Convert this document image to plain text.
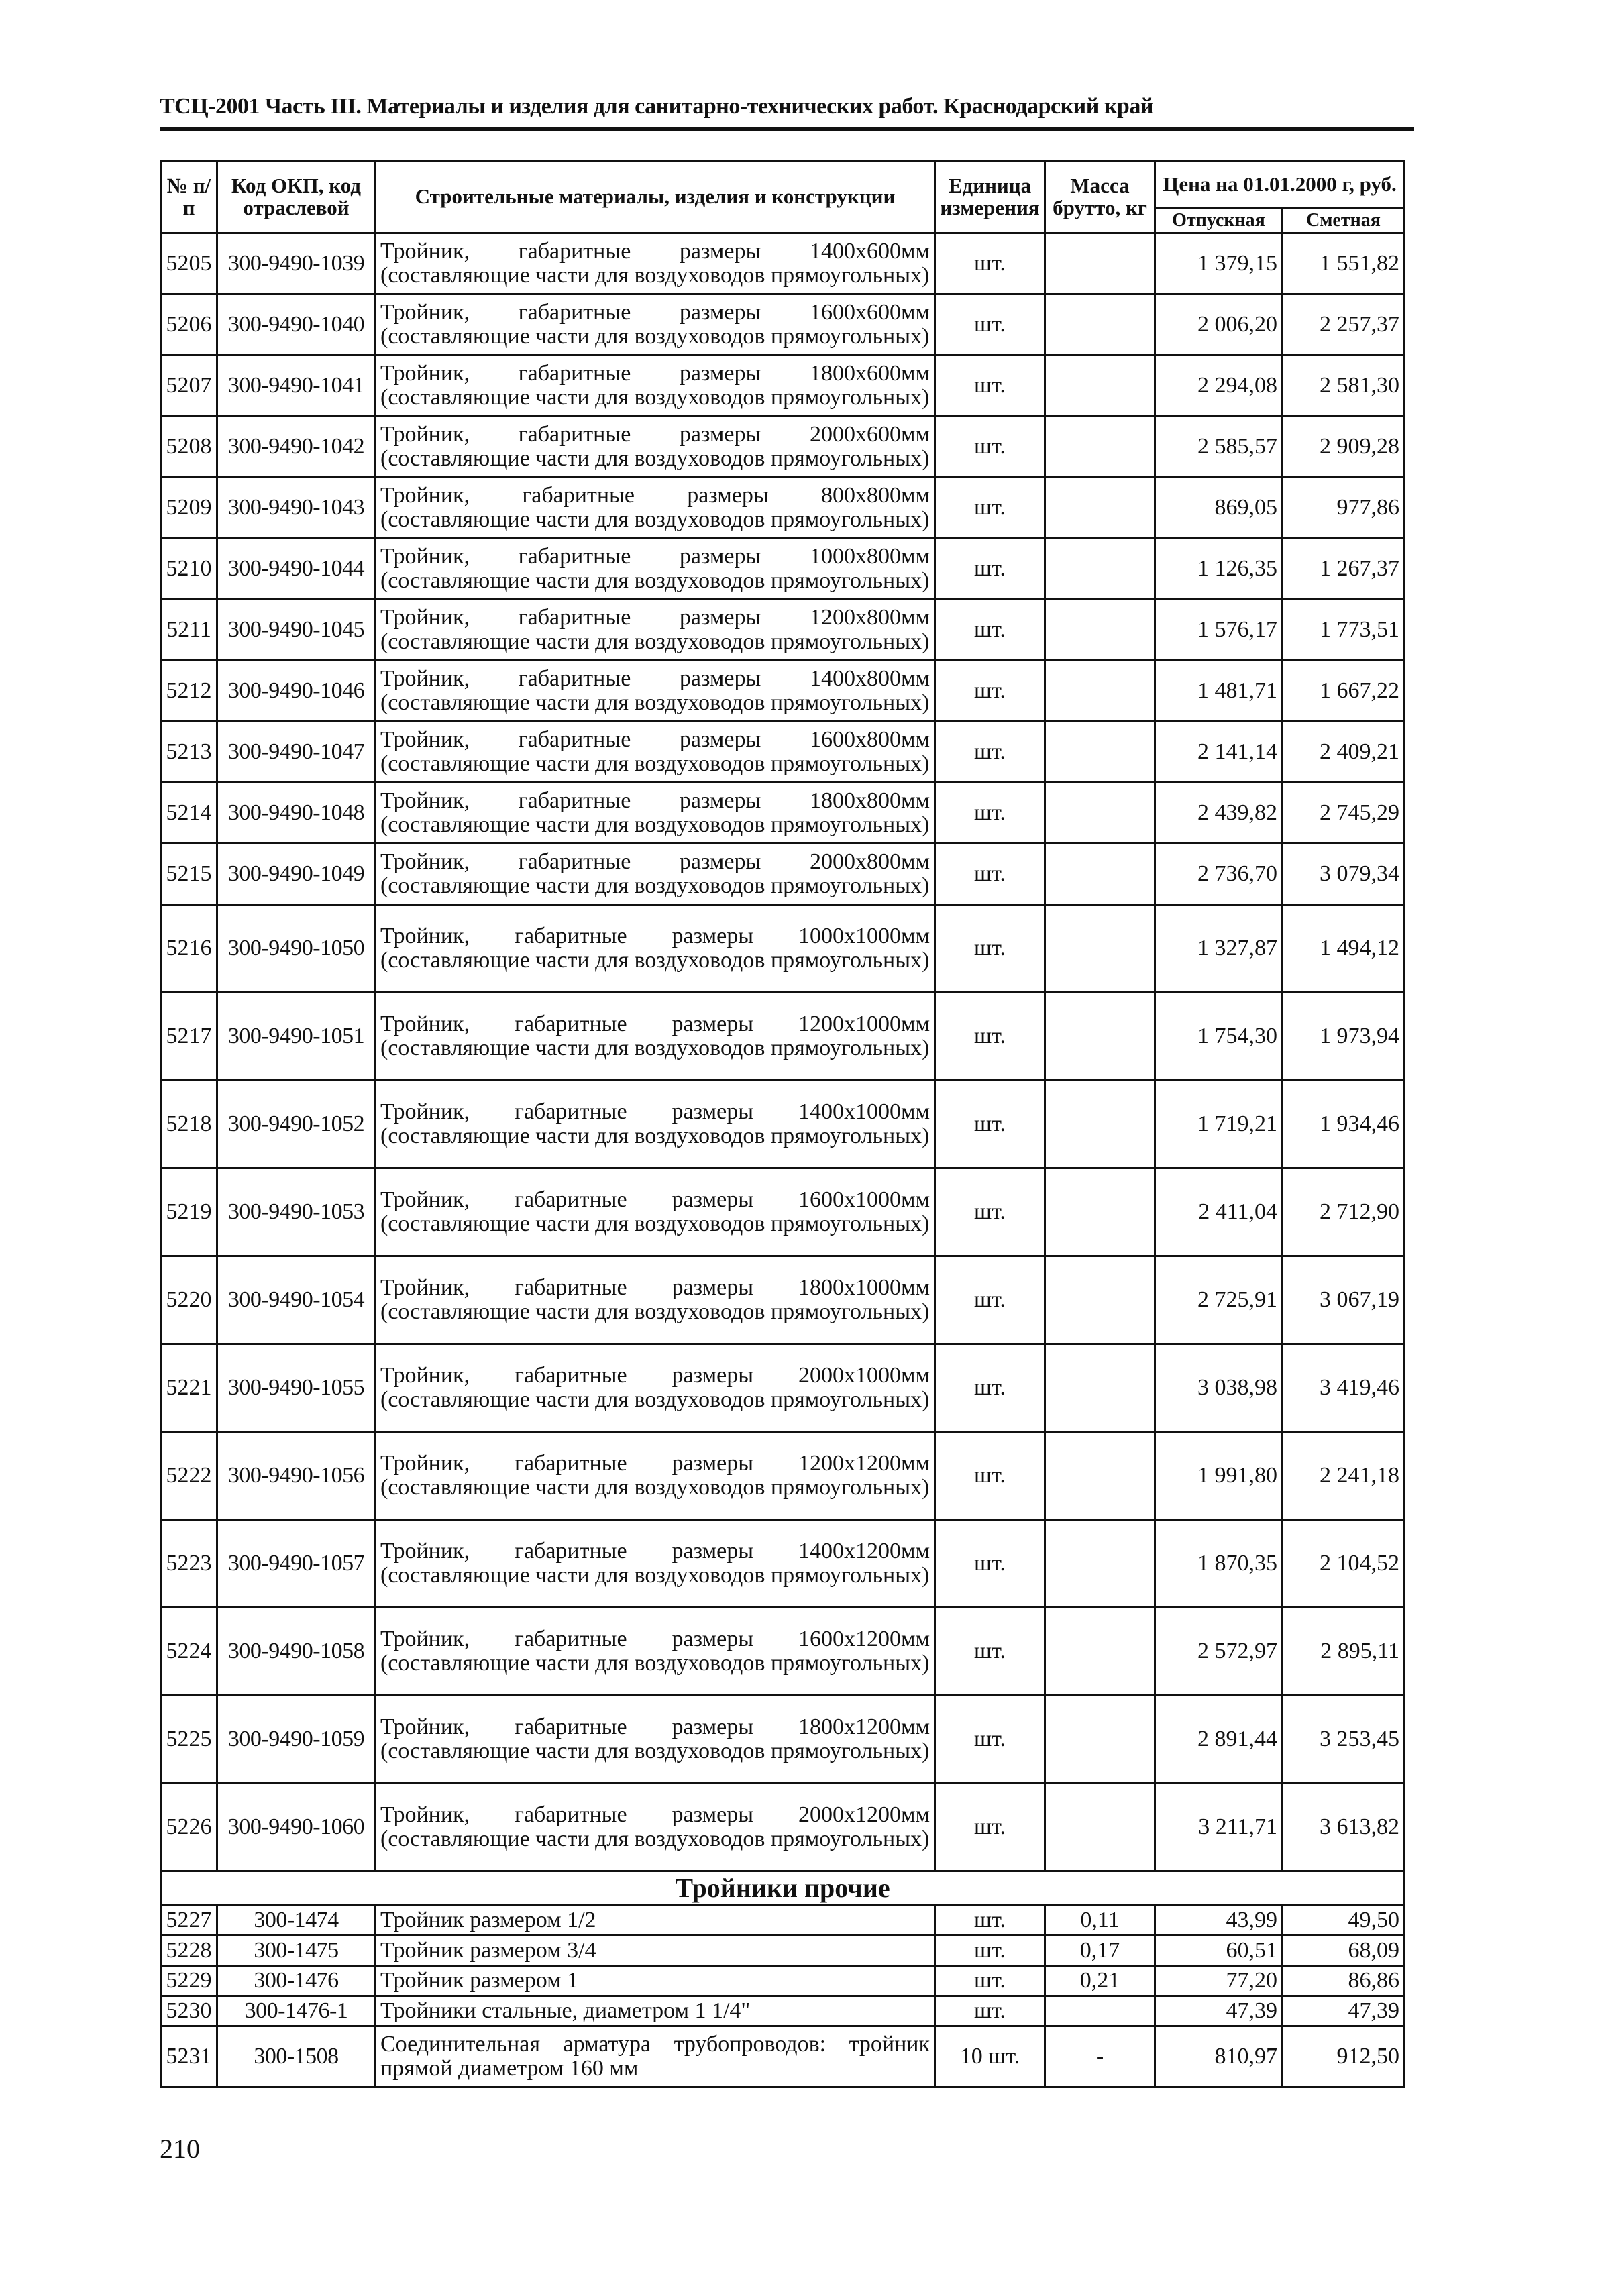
ТСЦ-2001 Часть III. Материалы и изделия для санитарно-технических работ. Краснодарский край
№ п/п	Код ОКП, код отраслевой	Строительные материалы, изделия и конструкции	Единица измерения	Масса брутто, кг	Цена на 01.01.2000 г, руб.	
					Отпускная	Сметная
5205	300-9490-1039	Тройник, габаритные размеры 1400х600мм (составляющие части для воздуховодов прямоугольных)	шт.		1 379,15	1 551,82
5206	300-9490-1040	Тройник, габаритные размеры 1600х600мм (составляющие части для воздуховодов прямоугольных)	шт.		2 006,20	2 257,37
5207	300-9490-1041	Тройник, габаритные размеры 1800х600мм (составляющие части для воздуховодов прямоугольных)	шт.		2 294,08	2 581,30
5208	300-9490-1042	Тройник, габаритные размеры 2000х600мм (составляющие части для воздуховодов прямоугольных)	шт.		2 585,57	2 909,28
5209	300-9490-1043	Тройник, габаритные размеры 800х800мм (составляющие части для воздуховодов прямоугольных)	шт.		869,05	977,86
5210	300-9490-1044	Тройник, габаритные размеры 1000х800мм (составляющие части для воздуховодов прямоугольных)	шт.		1 126,35	1 267,37
5211	300-9490-1045	Тройник, габаритные размеры 1200х800мм (составляющие части для воздуховодов прямоугольных)	шт.		1 576,17	1 773,51
5212	300-9490-1046	Тройник, габаритные размеры 1400х800мм (составляющие части для воздуховодов прямоугольных)	шт.		1 481,71	1 667,22
5213	300-9490-1047	Тройник, габаритные размеры 1600х800мм (составляющие части для воздуховодов прямоугольных)	шт.		2 141,14	2 409,21
5214	300-9490-1048	Тройник, габаритные размеры 1800х800мм (составляющие части для воздуховодов прямоугольных)	шт.		2 439,82	2 745,29
5215	300-9490-1049	Тройник, габаритные размеры 2000х800мм (составляющие части для воздуховодов прямоугольных)	шт.		2 736,70	3 079,34
5216	300-9490-1050	Тройник, габаритные размеры 1000х1000мм (составляющие части для воздуховодов прямоугольных)	шт.		1 327,87	1 494,12
5217	300-9490-1051	Тройник, габаритные размеры 1200х1000мм (составляющие части для воздуховодов прямоугольных)	шт.		1 754,30	1 973,94
5218	300-9490-1052	Тройник, габаритные размеры 1400х1000мм (составляющие части для воздуховодов прямоугольных)	шт.		1 719,21	1 934,46
5219	300-9490-1053	Тройник, габаритные размеры 1600х1000мм (составляющие части для воздуховодов прямоугольных)	шт.		2 411,04	2 712,90
5220	300-9490-1054	Тройник, габаритные размеры 1800х1000мм (составляющие части для воздуховодов прямоугольных)	шт.		2 725,91	3 067,19
5221	300-9490-1055	Тройник, габаритные размеры 2000х1000мм (составляющие части для воздуховодов прямоугольных)	шт.		3 038,98	3 419,46
5222	300-9490-1056	Тройник, габаритные размеры 1200х1200мм (составляющие части для воздуховодов прямоугольных)	шт.		1 991,80	2 241,18
5223	300-9490-1057	Тройник, габаритные размеры 1400х1200мм (составляющие части для воздуховодов прямоугольных)	шт.		1 870,35	2 104,52
5224	300-9490-1058	Тройник, габаритные размеры 1600х1200мм (составляющие части для воздуховодов прямоугольных)	шт.		2 572,97	2 895,11
5225	300-9490-1059	Тройник, габаритные размеры 1800х1200мм (составляющие части для воздуховодов прямоугольных)	шт.		2 891,44	3 253,45
5226	300-9490-1060	Тройник, габаритные размеры 2000х1200мм (составляющие части для воздуховодов прямоугольных)	шт.		3 211,71	3 613,82
Тройники прочие						
5227	300-1474	Тройник размером 1/2	шт.	0,11	43,99	49,50
5228	300-1475	Тройник размером 3/4	шт.	0,17	60,51	68,09
5229	300-1476	Тройник размером 1	шт.	0,21	77,20	86,86
5230	300-1476-1	Тройники стальные, диаметром 1 1/4"	шт.		47,39	47,39
5231	300-1508	Соединительная арматура трубопроводов: тройник прямой диаметром 160 мм	10 шт.	-	810,97	912,50
210
